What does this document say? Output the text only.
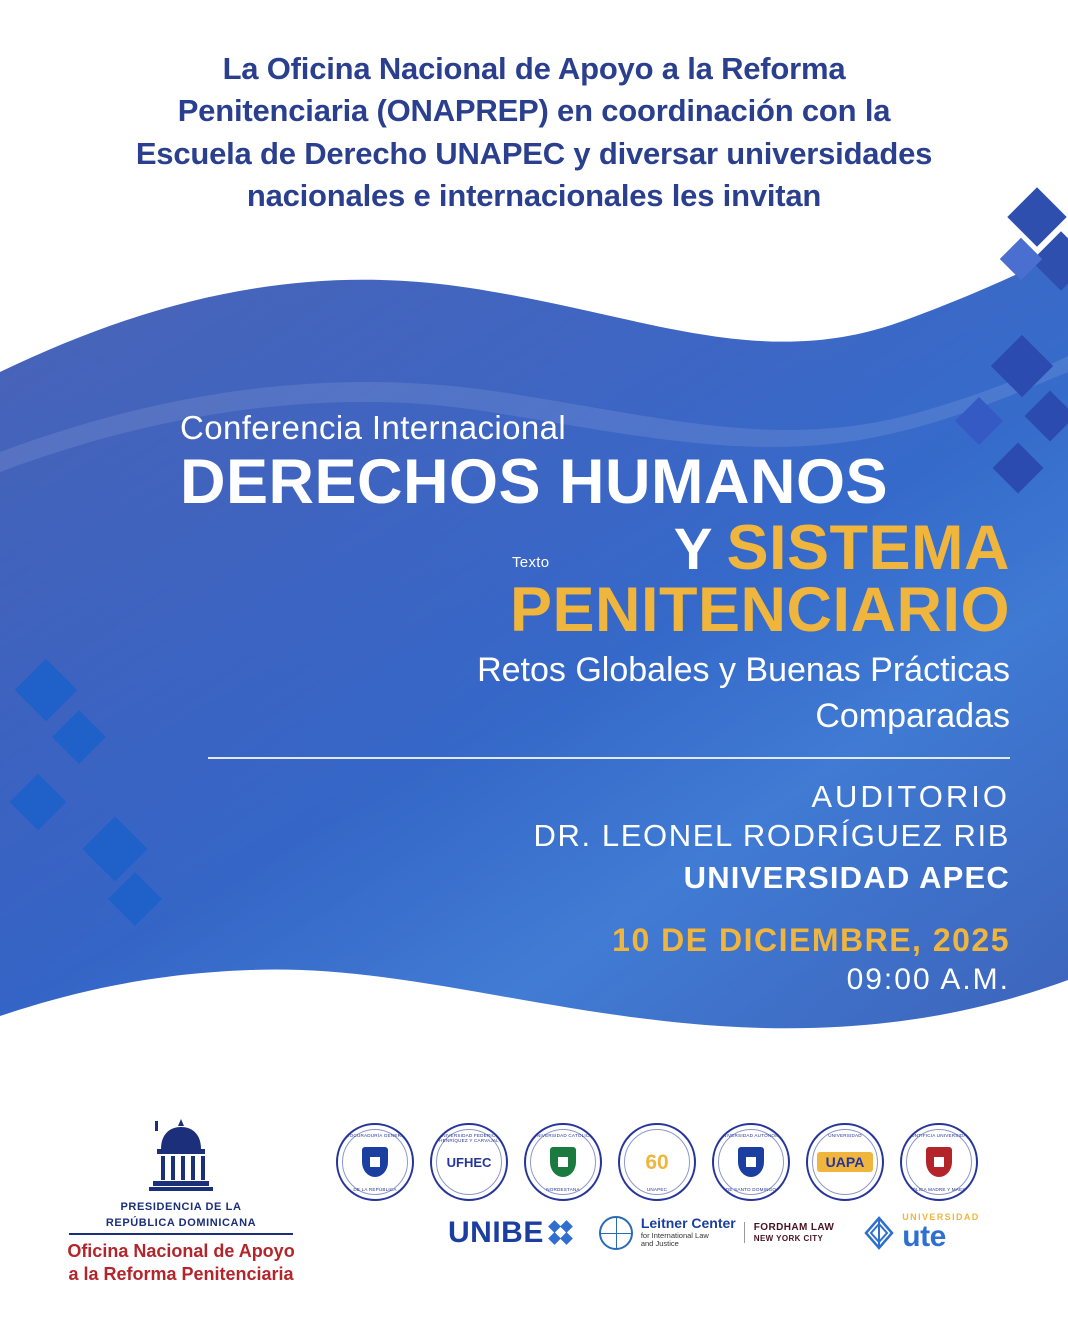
La Oficina Nacional de Apoyo a la Reforma
Penitenciaria (ONAPREP) en coordinación con la
Escuela de Derecho UNAPEC y diversar universidades
nacionales e internacionales les invitan
Conferencia Internacional
DERECHOS HUMANOS
Texto Y SISTEMA
PENITENCIARIO
Retos Globales y Buenas Prácticas
Comparadas
AUDITORIO
DR. LEONEL RODRÍGUEZ RIB
UNIVERSIDAD APEC
10 DE DICIEMBRE, 2025
09:00 A.M.
PRESIDENCIA DE LA
REPÚBLICA DOMINICANA
Oficina Nacional de Apoyo
a la Reforma Penitenciaria
PROCURADURÍA GENERAL
DE LA REPÚBLICA
UNIVERSIDAD FEDERICO HENRÍQUEZ Y CARVAJAL
UFHEC
UNIVERSIDAD CATÓLICA
NORDESTANA
60
UNAPEC
UNIVERSIDAD AUTÓNOMA
DE SANTO DOMINGO
UNIVERSIDAD
UAPA
PONTIFICIA UNIVERSIDAD
CATÓLICA MADRE Y MAESTRA
UNIBE	Leitner Center
for International Law
and Justice
FORDHAM LAW
NEW YORK CITY
UNIVERSIDAD
ute
